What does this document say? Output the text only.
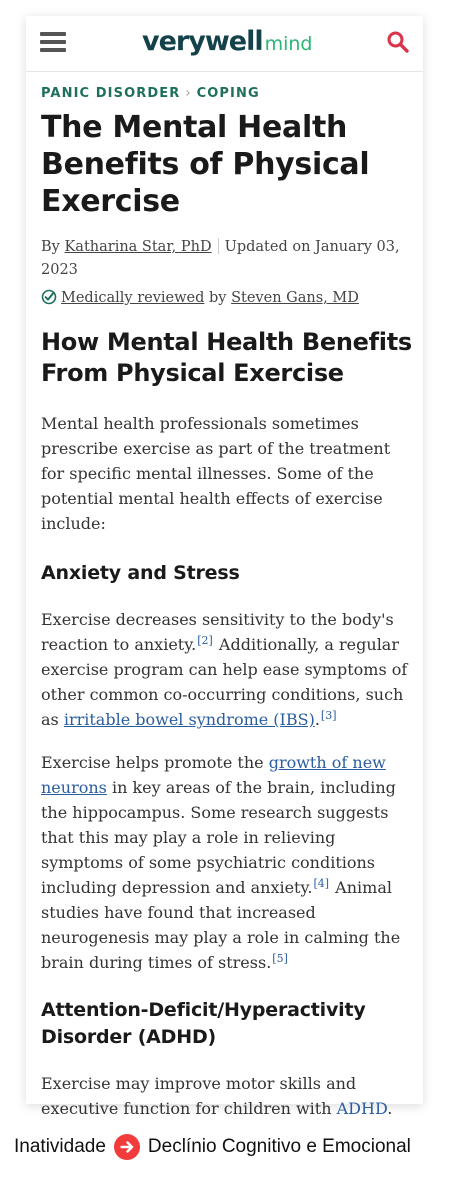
verywell mind
PANIC DISORDER › COPING
The Mental Health Benefits of Physical Exercise
By Katharina Star, PhD Updated on January 03, 2023
Medically reviewed by Steven Gans, MD
How Mental Health Benefits From Physical Exercise

Mental health professionals sometimes prescribe exercise as part of the treatment for specific mental illnesses. Some of the potential mental health effects of exercise include:

Anxiety and Stress

Exercise decreases sensitivity to the body's reaction to anxiety.[2] Additionally, a regular exercise program can help ease symptoms of other common co-occurring conditions, such as irritable bowel syndrome (IBS).[3]

Exercise helps promote the growth of new neurons in key areas of the brain, including the hippocampus. Some research suggests that this may play a role in relieving symptoms of some psychiatric conditions including depression and anxiety.[4] Animal studies have found that increased neurogenesis may play a role in calming the brain during times of stress.[5]

Attention-Deficit/Hyperactivity Disorder (ADHD)

Exercise may improve motor skills and executive function for children with ADHD.

Inatividade Declínio Cognitivo e Emocional
